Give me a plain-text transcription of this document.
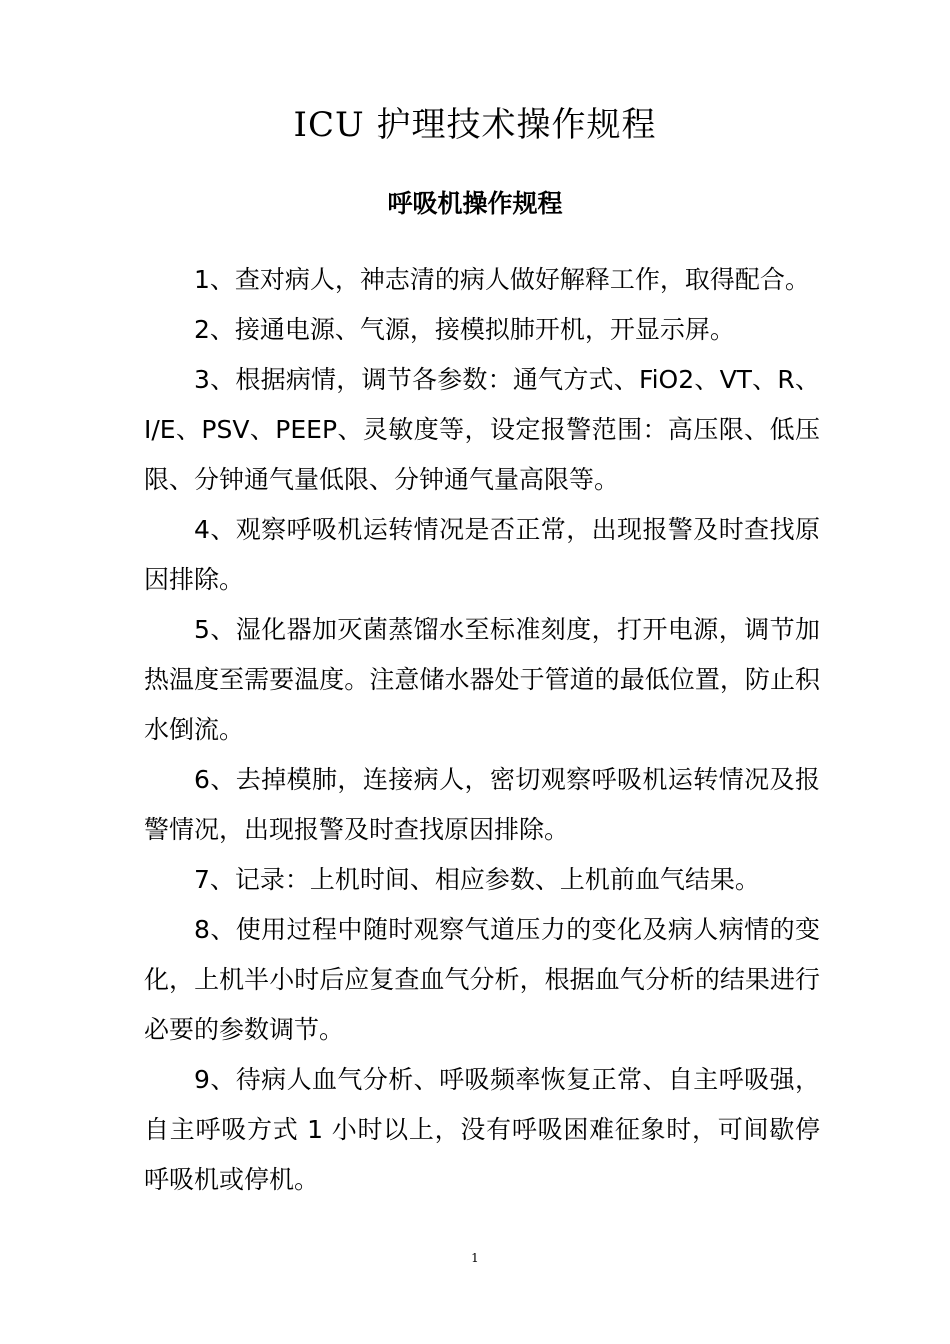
ICU 护理技术操作规程
呼吸机操作规程

1、查对病人，神志清的病人做好解释工作，取得配合。

2、接通电源、气源，接模拟肺开机，开显示屏。

3、根据病情，调节各参数：通气方式、FiO2、VT、R、I/E、PSV、PEEP、灵敏度等，设定报警范围：高压限、低压限、分钟通气量低限、分钟通气量高限等。

4、观察呼吸机运转情况是否正常，出现报警及时查找原因排除。

5、湿化器加灭菌蒸馏水至标准刻度，打开电源，调节加热温度至需要温度。注意储水器处于管道的最低位置，防止积水倒流。

6、去掉模肺，连接病人，密切观察呼吸机运转情况及报警情况，出现报警及时查找原因排除。

7、记录：上机时间、相应参数、上机前血气结果。

8、使用过程中随时观察气道压力的变化及病人病情的变化，上机半小时后应复查血气分析，根据血气分析的结果进行必要的参数调节。

9、待病人血气分析、呼吸频率恢复正常、自主呼吸强，自主呼吸方式 1 小时以上，没有呼吸困难征象时，可间歇停呼吸机或停机。

1
